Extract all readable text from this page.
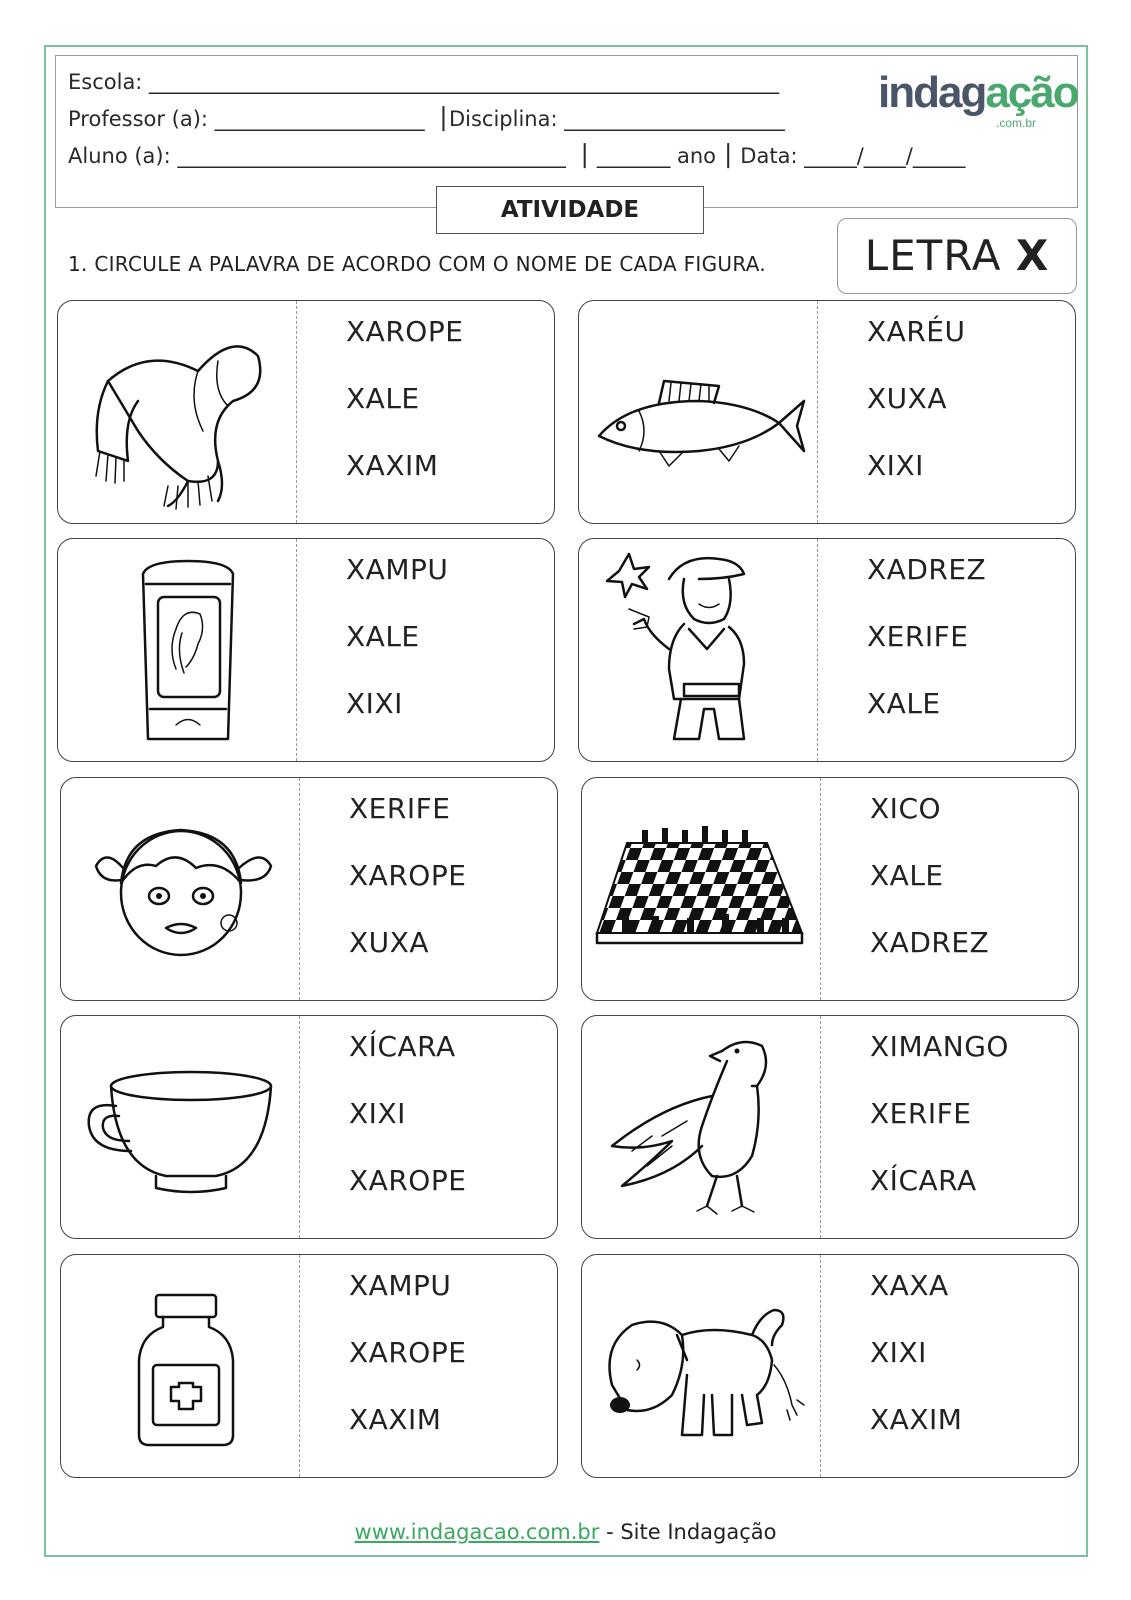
Escola: ____________________________________________________________
Professor (a): ____________________  ⎮Disciplina: _____________________
Aluno (a): _____________________________________  ⎮ _______ ano ⎮ Data: _____/____/_____
indagação
.com.br
ATIVIDADE
1. CIRCULE A PALAVRA DE ACORDO COM O NOME DE CADA FIGURA.	LETRA X
XAROPE
XALE
XAXIM
XARÉU
XUXA
XIXI
XAMPU
XALE
XIXI
XADREZ
XERIFE
XALE
XERIFE
XAROPE
XUXA
XICO
XALE
XADREZ
XÍCARA
XIXI
XAROPE
XIMANGO
XERIFE
XÍCARA
XAMPU
XAROPE
XAXIM
XAXA
XIXI
XAXIM
www.indagacao.com.br - Site Indagação
